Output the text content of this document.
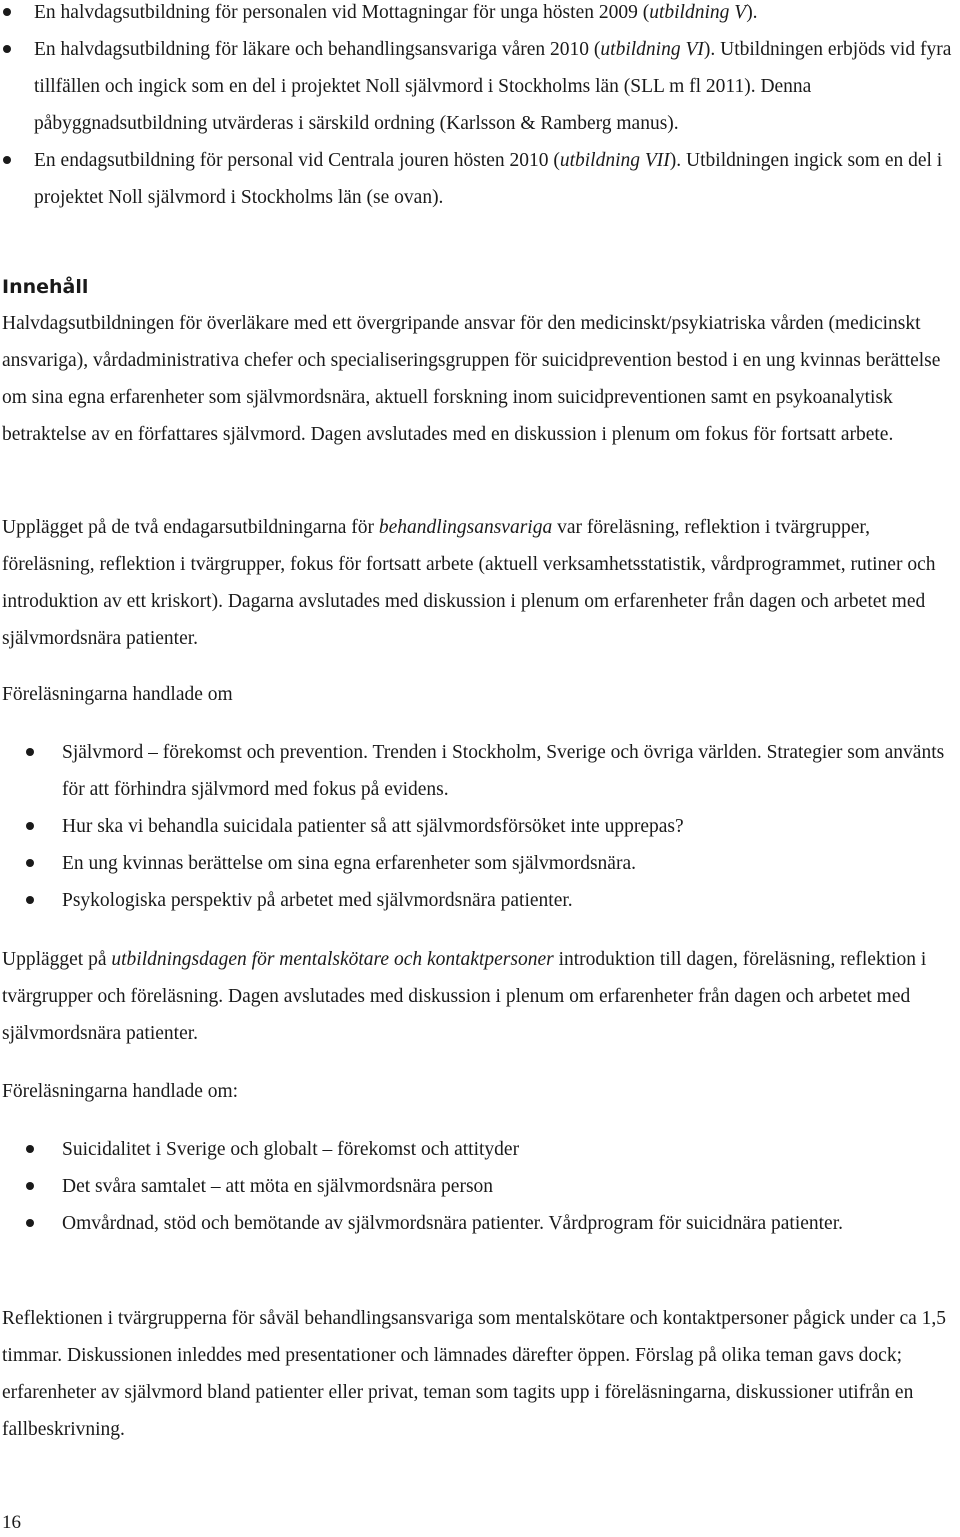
En halvdagsutbildning för personalen vid Mottagningar för unga hösten 2009 (utbildning V).
En halvdagsutbildning för läkare och behandlingsansvariga våren 2010 (utbildning VI). Utbildningen erbjöds vid fyra tillfällen och ingick som en del i projektet Noll självmord i Stockholms län (SLL m fl 2011). Denna påbyggnadsutbildning utvärderas i särskild ordning (Karlsson & Ramberg manus).
En endagsutbildning för personal vid Centrala jouren hösten 2010 (utbildning VII). Utbildningen ingick som en del i projektet Noll självmord i Stockholms län (se ovan).

Innehåll

Halvdagsutbildningen för överläkare med ett övergripande ansvar för den medicinskt/psykiatriska vården (medicinskt ansvariga), vårdadministrativa chefer och specialiseringsgruppen för suicidprevention bestod i en ung kvinnas berättelse om sina egna erfarenheter som självmordsnära, aktuell forskning inom suicidpreventionen samt en psykoanalytisk betraktelse av en författares självmord. Dagen avslutades med en diskussion i plenum om fokus för fortsatt arbete.

Upplägget på de två endagarsutbildningarna för behandlingsansvariga var föreläsning, reflektion i tvärgrupper, föreläsning, reflektion i tvärgrupper, fokus för fortsatt arbete (aktuell verksamhetsstatistik, vårdprogrammet, rutiner och introduktion av ett kriskort). Dagarna avslutades med diskussion i plenum om erfarenheter från dagen och arbetet med självmordsnära patienter.

Föreläsningarna handlade om

Självmord – förekomst och prevention. Trenden i Stockholm, Sverige och övriga världen. Strategier som använts för att förhindra självmord med fokus på evidens.
Hur ska vi behandla suicidala patienter så att självmordsförsöket inte upprepas?
En ung kvinnas berättelse om sina egna erfarenheter som självmordsnära.
Psykologiska perspektiv på arbetet med självmordsnära patienter.

Upplägget på utbildningsdagen för mentalskötare och kontaktpersoner introduktion till dagen, föreläsning, reflektion i tvärgrupper och föreläsning. Dagen avslutades med diskussion i plenum om erfarenheter från dagen och arbetet med självmordsnära patienter.

Föreläsningarna handlade om:

Suicidalitet i Sverige och globalt – förekomst och attityder
Det svåra samtalet – att möta en självmordsnära person
Omvårdnad, stöd och bemötande av självmordsnära patienter. Vårdprogram för suicidnära patienter.

Reflektionen i tvärgrupperna för såväl behandlingsansvariga som mentalskötare och kontaktpersoner pågick under ca 1,5 timmar. Diskussionen inleddes med presentationer och lämnades därefter öppen. Förslag på olika teman gavs dock; erfarenheter av självmord bland patienter eller privat, teman som tagits upp i föreläsningarna, diskussioner utifrån en fallbeskrivning.

16
